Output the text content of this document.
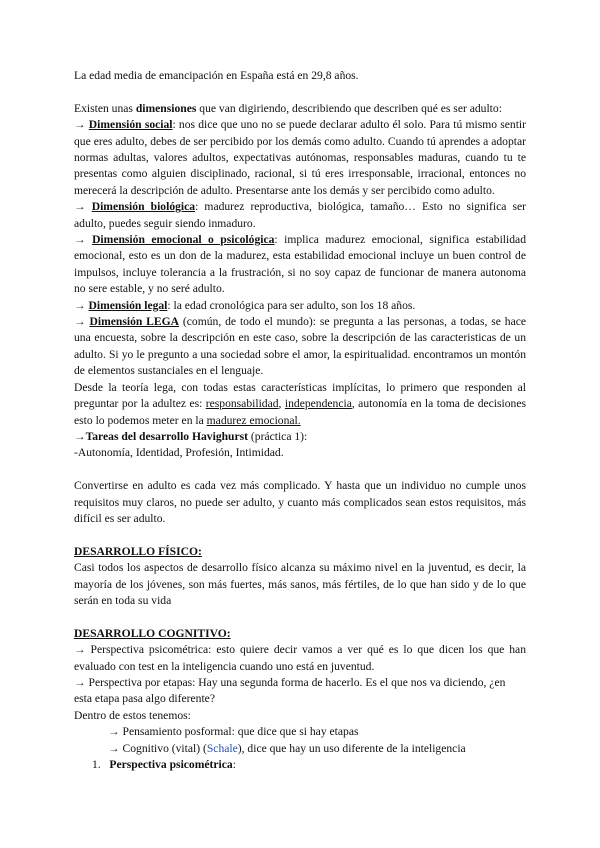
La edad media de emancipación en España está en 29,8 años.

Existen unas dimensiones que van digiriendo, describiendo que describen qué es ser adulto:

→ Dimensión social: nos dice que uno no se puede declarar adulto él solo. Para tú mismo sentir que eres adulto, debes de ser percibido por los demás como adulto. Cuando tú aprendes a adoptar normas adultas, valores adultos, expectativas autónomas, responsables maduras, cuando tu te presentas como alguien disciplinado, racional, si tú eres irresponsable, irracional, entonces no merecerá la descripción de adulto. Presentarse ante los demás y ser percibido como adulto.

→ Dimensión biológica: madurez reproductiva, biológica, tamaño… Esto no significa ser adulto, puedes seguir siendo inmaduro.

→ Dimensión emocional o psicológica: implica madurez emocional, significa estabilidad emocional, esto es un don de la madurez, esta estabilidad emocional incluye un buen control de impulsos, incluye tolerancia a la frustración, si no soy capaz de funcionar de manera autonoma no sere estable, y no seré adulto.

→ Dimensión legal: la edad cronológica para ser adulto, son los 18 años.

→ Dimensión LEGA (común, de todo el mundo): se pregunta a las personas, a todas, se hace una encuesta, sobre la descripción en este caso, sobre la descripción de las caracteristicas de un adulto. Si yo le pregunto a una sociedad sobre el amor, la espiritualidad. encontramos un montón de elementos sustanciales en el lenguaje.

Desde la teoría lega, con todas estas características implícitas, lo primero que responden al preguntar por la adultez es: responsabilidad, independencia, autonomía en la toma de decisiones esto lo podemos meter en la madurez emocional.

→Tareas del desarrollo Havighurst (práctica 1):

-Autonomía, Identidad, Profesión, Intimidad.

Convertirse en adulto es cada vez más complicado. Y hasta que un individuo no cumple unos requisitos muy claros, no puede ser adulto, y cuanto más complicados sean estos requisitos, más difícil es ser adulto.

DESARROLLO FÍSICO:

Casi todos los aspectos de desarrollo físico alcanza su máximo nivel en la juventud, es decir, la mayoría de los jóvenes, son más fuertes, más sanos, más fértiles, de lo que han sido y de lo que serán en toda su vida

DESARROLLO COGNITIVO:

→ Perspectiva psicométrica: esto quiere decir vamos a ver qué es lo que dicen los que han evaluado con test en la inteligencia cuando uno está en juventud.

→ Perspectiva por etapas: Hay una segunda forma de hacerlo. Es el que nos va diciendo, ¿en esta etapa pasa algo diferente?

Dentro de estos tenemos:

→ Pensamiento posformal: que dice que si hay etapas

→ Cognitivo (vital) (Schale), dice que hay un uso diferente de la inteligencia

1. Perspectiva psicométrica:
